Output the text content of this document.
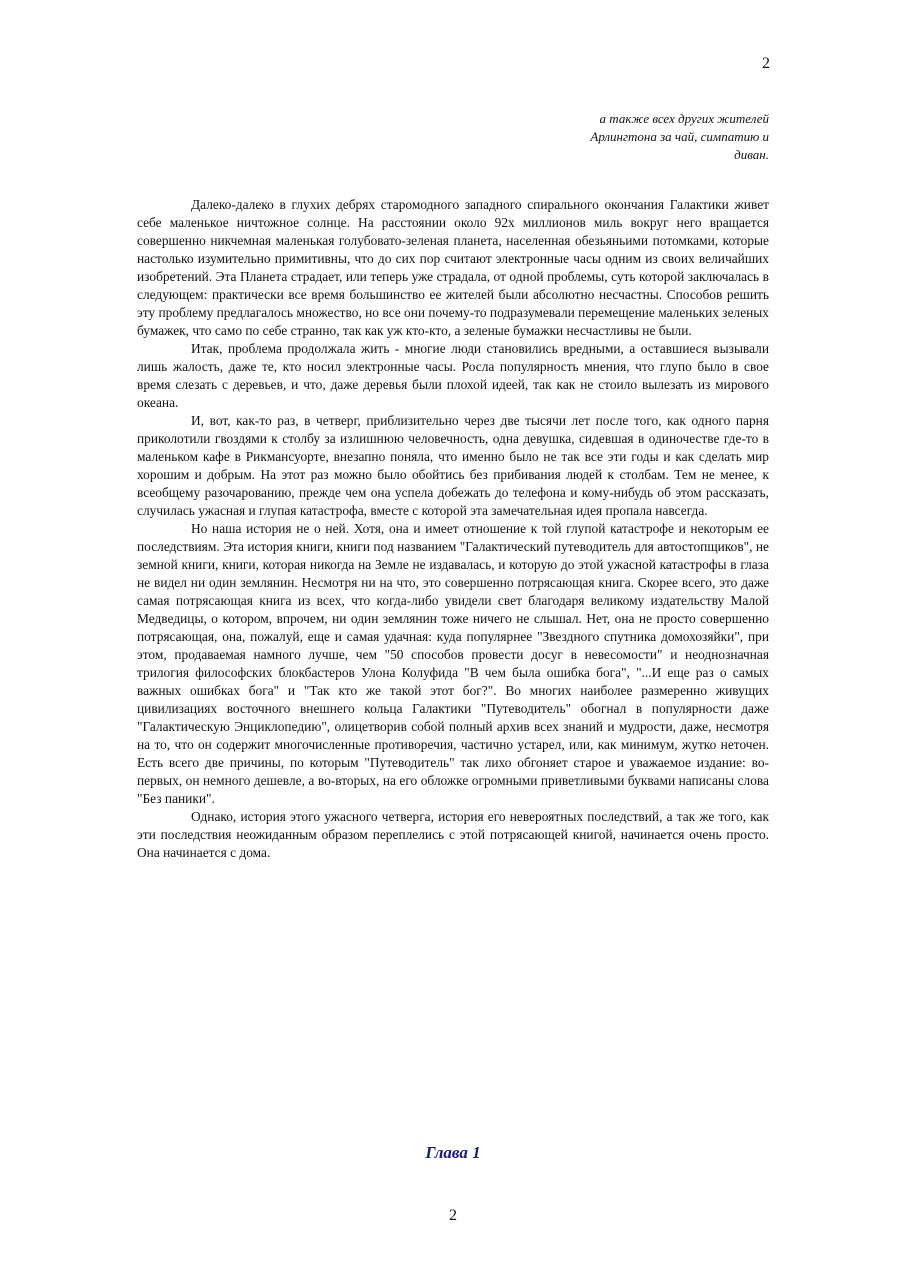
2
а также всех других жителей
Арлингтона за чай, симпатию и
диван.

Далеко-далеко в глухих дебрях старомодного западного спирального окончания Галактики живет себе маленькое ничтожное солнце. На расстоянии около 92х миллионов миль вокруг него вращается совершенно никчемная маленькая голубовато-зеленая планета, населенная обезьяньими потомками, которые настолько изумительно примитивны, что до сих пор считают электронные часы одним из своих величайших изобретений. Эта Планета страдает, или теперь уже страдала, от одной проблемы, суть которой заключалась в следующем: практически все время большинство ее жителей были абсолютно несчастны. Способов решить эту проблему предлагалось множество, но все они почему-то подразумевали перемещение маленьких зеленых бумажек, что само по себе странно, так как уж кто-кто, а зеленые бумажки несчастливы не были.

Итак, проблема продолжала жить - многие люди становились вредными, а оставшиеся вызывали лишь жалость, даже те, кто носил электронные часы. Росла популярность мнения, что глупо было в свое время слезать с деревьев, и что, даже деревья были плохой идеей, так как не стоило вылезать из мирового океана.

И, вот, как-то раз, в четверг, приблизительно через две тысячи лет после того, как одного парня приколотили гвоздями к столбу за излишнюю человечность, одна девушка, сидевшая в одиночестве где-то в маленьком кафе в Рикмансуорте, внезапно поняла, что именно было не так все эти годы и как сделать мир хорошим и добрым. На этот раз можно было обойтись без прибивания людей к столбам. Тем не менее, к всеобщему разочарованию, прежде чем она успела добежать до телефона и кому-нибудь об этом рассказать, случилась ужасная и глупая катастрофа, вместе с которой эта замечательная идея пропала навсегда.

Но наша история не о ней. Хотя, она и имеет отношение к той глупой катастрофе и некоторым ее последствиям. Эта история книги, книги под названием "Галактический путеводитель для автостопщиков", не земной книги, книги, которая никогда на Земле не издавалась, и которую до этой ужасной катастрофы в глаза не видел ни один землянин. Несмотря ни на что, это совершенно потрясающая книга. Скорее всего, это даже самая потрясающая книга из всех, что когда-либо увидели свет благодаря великому издательству Малой Медведицы, о котором, впрочем, ни один землянин тоже ничего не слышал. Нет, она не просто совершенно потрясающая, она, пожалуй, еще и самая удачная: куда популярнее "Звездного спутника домохозяйки", при этом, продаваемая намного лучше, чем "50 способов провести досуг в невесомости" и неоднозначная трилогия философских блокбастеров Улона Колуфида "В чем была ошибка бога", "...И еще раз о самых важных ошибках бога" и "Так кто же такой этот бог?". Во многих наиболее размеренно живущих цивилизациях восточного внешнего кольца Галактики "Путеводитель" обогнал в популярности даже "Галактическую Энциклопедию", олицетворив собой полный архив всех знаний и мудрости, даже, несмотря на то, что он содержит многочисленные противоречия, частично устарел, или, как минимум, жутко неточен. Есть всего две причины, по которым "Путеводитель" так лихо обгоняет старое и уважаемое издание: во-первых, он немного дешевле, а во-вторых, на его обложке огромными приветливыми буквами написаны слова "Без паники".

Однако, история этого ужасного четверга, история его невероятных последствий, а так же того, как эти последствия неожиданным образом переплелись с этой потрясающей книгой, начинается очень просто. Она начинается с дома.

Глава 1
2
